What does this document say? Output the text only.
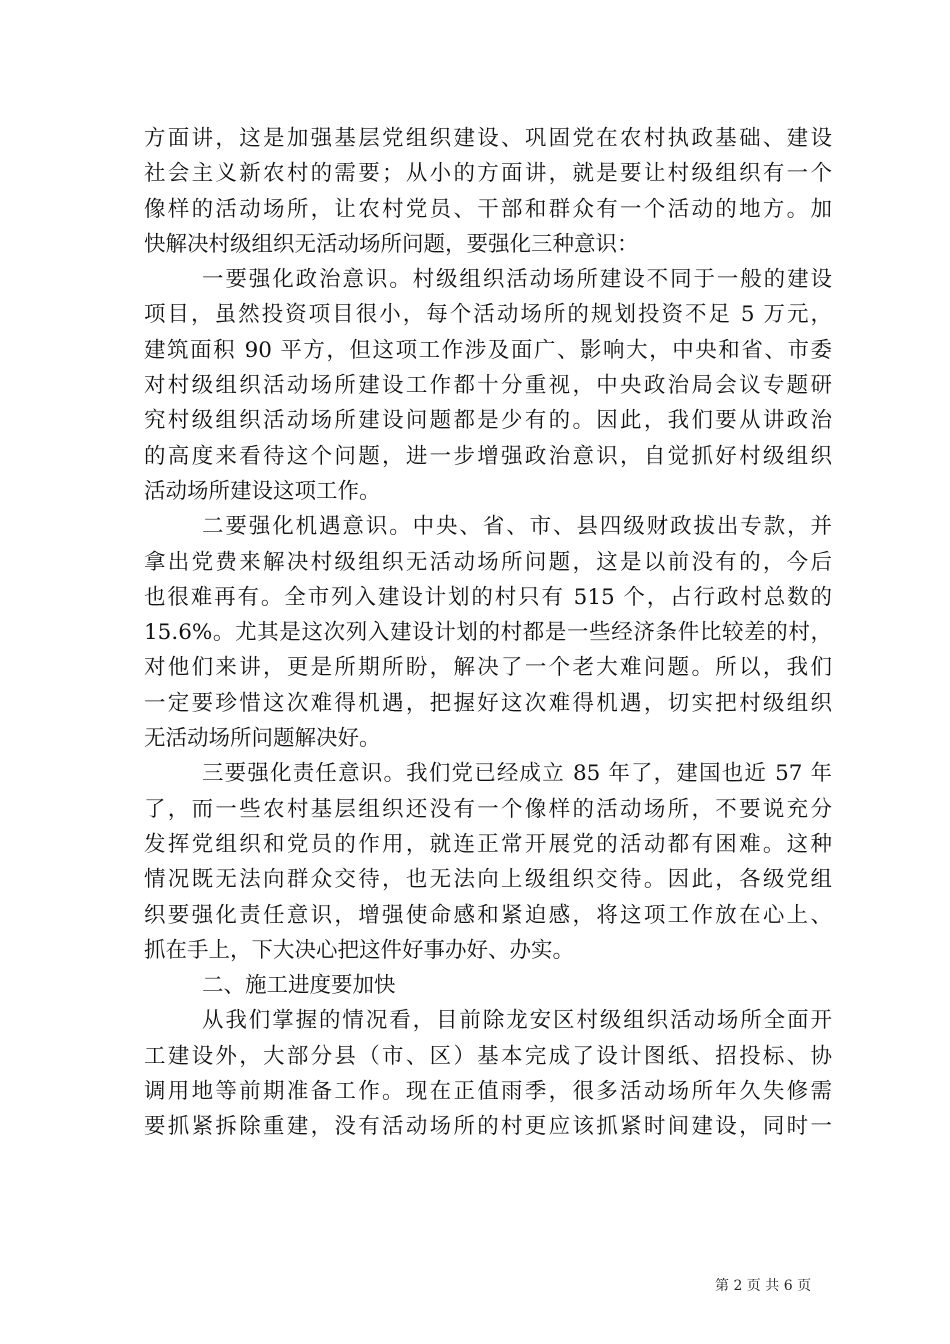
方面讲，这是加强基层党组织建设、巩固党在农村执政基础、建设
社会主义新农村的需要；从小的方面讲，就是要让村级组织有一个
像样的活动场所，让农村党员、干部和群众有一个活动的地方。加
快解决村级组织无活动场所问题，要强化三种意识：
一要强化政治意识。村级组织活动场所建设不同于一般的建设
项目，虽然投资项目很小，每个活动场所的规划投资不足 5 万元，
建筑面积 90 平方，但这项工作涉及面广、影响大，中央和省、市委
对村级组织活动场所建设工作都十分重视，中央政治局会议专题研
究村级组织活动场所建设问题都是少有的。因此，我们要从讲政治
的高度来看待这个问题，进一步增强政治意识，自觉抓好村级组织
活动场所建设这项工作。
二要强化机遇意识。中央、省、市、县四级财政拔出专款，并
拿出党费来解决村级组织无活动场所问题，这是以前没有的，今后
也很难再有。全市列入建设计划的村只有 515 个，占行政村总数的
15.6%。尤其是这次列入建设计划的村都是一些经济条件比较差的村，
对他们来讲，更是所期所盼，解决了一个老大难问题。所以，我们
一定要珍惜这次难得机遇，把握好这次难得机遇，切实把村级组织
无活动场所问题解决好。
三要强化责任意识。我们党已经成立 85 年了，建国也近 57 年
了，而一些农村基层组织还没有一个像样的活动场所，不要说充分
发挥党组织和党员的作用，就连正常开展党的活动都有困难。这种
情况既无法向群众交待，也无法向上级组织交待。因此，各级党组
织要强化责任意识，增强使命感和紧迫感，将这项工作放在心上、
抓在手上，下大决心把这件好事办好、办实。
二、施工进度要加快
从我们掌握的情况看，目前除龙安区村级组织活动场所全面开
工建设外，大部分县（市、区）基本完成了设计图纸、招投标、协
调用地等前期准备工作。现在正值雨季，很多活动场所年久失修需
要抓紧拆除重建，没有活动场所的村更应该抓紧时间建设，同时一
第 2 页 共 6 页
